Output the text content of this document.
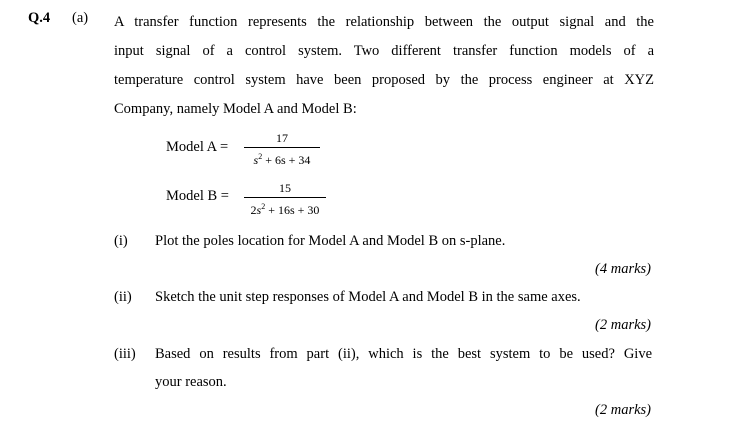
Q.4 (a) A transfer function represents the relationship between the output signal and the
input signal of a control system. Two different transfer function models of a
temperature control system have been proposed by the process engineer at XYZ
Company, namely Model A and Model B:
Model A =
17
$s^2 + 6s + 34$
Model B =	15
$2s^2 + 16s + 30$
(i) Plot the poles location for Model A and Model B on s-plane.
(4 marks)
(ii) Sketch the unit step responses of Model A and Model B in the same axes.
(2 marks)
(iii) Based on results from part (ii), which is the best system to be used? Give
your reason.
(2 marks)
